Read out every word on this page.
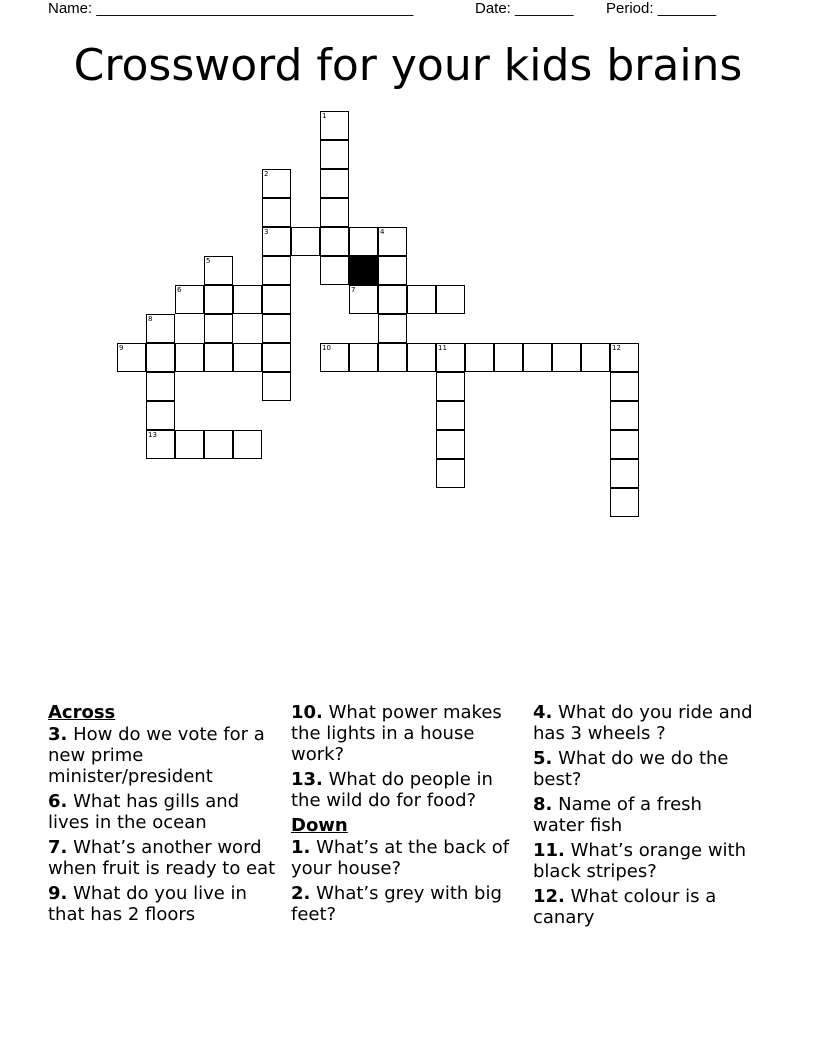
Name: ______________________________________	Date: _______ Period: _______
Crossword for your kids brains
1
2
3	4
5
6	7
8
9	10	11	12
13
Across
3. How do we vote for a new prime minister/president
6. What has gills and lives in the ocean
7. What’s another word when fruit is ready to eat
9. What do you live in that has 2 floors
10. What power makes the lights in a house work?
13. What do people in the wild do for food?
Down
1. What’s at the back of your house?
2. What’s grey with big feet?
4. What do you ride and has 3 wheels ?
5. What do we do the best?
8. Name of a fresh water fish
11. What’s orange with black stripes?
12. What colour is a canary
